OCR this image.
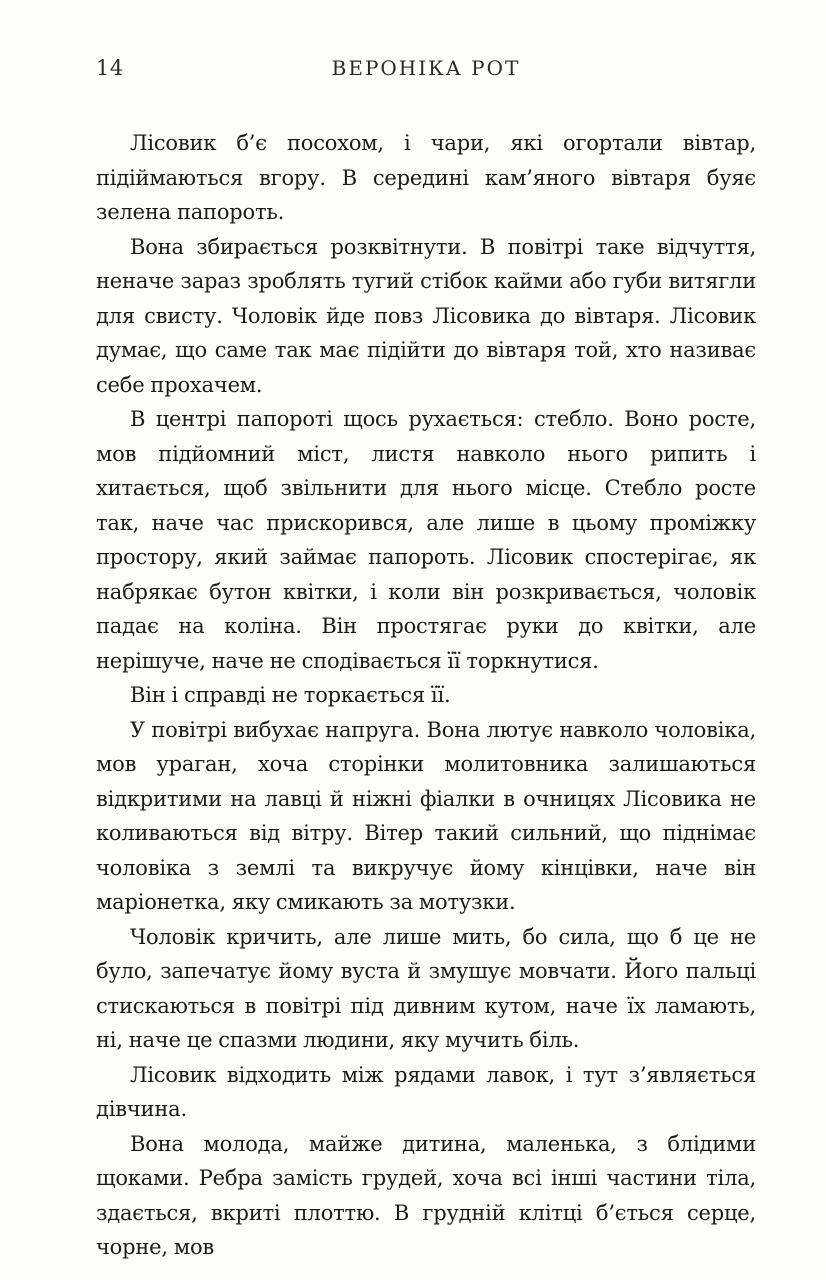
14	ВЕРОНІКА РОТ

Лісовик б’є посохом, і чари, які огортали вівтар, підіймаються вгору. В середині кам’яного вівтаря буяє зелена папороть.

Вона збирається розквітнути. В повітрі таке відчуття, неначе зараз зроблять тугий стібок кайми або губи витягли для свисту. Чоловік йде повз Лісовика до вівтаря. Лісовик думає, що саме так має підійти до вівтаря той, хто називає себе прохачем.

В центрі папороті щось рухається: стебло. Воно росте, мов підйомний міст, листя навколо нього рипить і хитається, щоб звільнити для нього місце. Стебло росте так, наче час прискорився, але лише в цьому проміжку простору, який займає папороть. Лісовик спостерігає, як набрякає бутон квітки, і коли він розкривається, чоловік падає на коліна. Він простягає руки до квітки, але нерішуче, наче не сподівається її торкнутися.

Він і справді не торкається її.

У повітрі вибухає напруга. Вона лютує навколо чоловіка, мов ураган, хоча сторінки молитовника залишаються відкритими на лавці й ніжні фіалки в очницях Лісовика не коливаються від вітру. Вітер такий сильний, що піднімає чоловіка з землі та викручує йому кінцівки, наче він маріонетка, яку смикають за мотузки.

Чоловік кричить, але лише мить, бо сила, що б це не було, запечатує йому вуста й змушує мовчати. Його пальці стискаються в повітрі під дивним кутом, наче їх ламають, ні, наче це спазми людини, яку мучить біль.

Лісовик відходить між рядами лавок, і тут з’являється дівчина.

Вона молода, майже дитина, маленька, з блідими щоками. Ребра замість грудей, хоча всі інші частини тіла, здається, вкриті плоттю. В грудній клітці б’ється серце, чорне, мов
